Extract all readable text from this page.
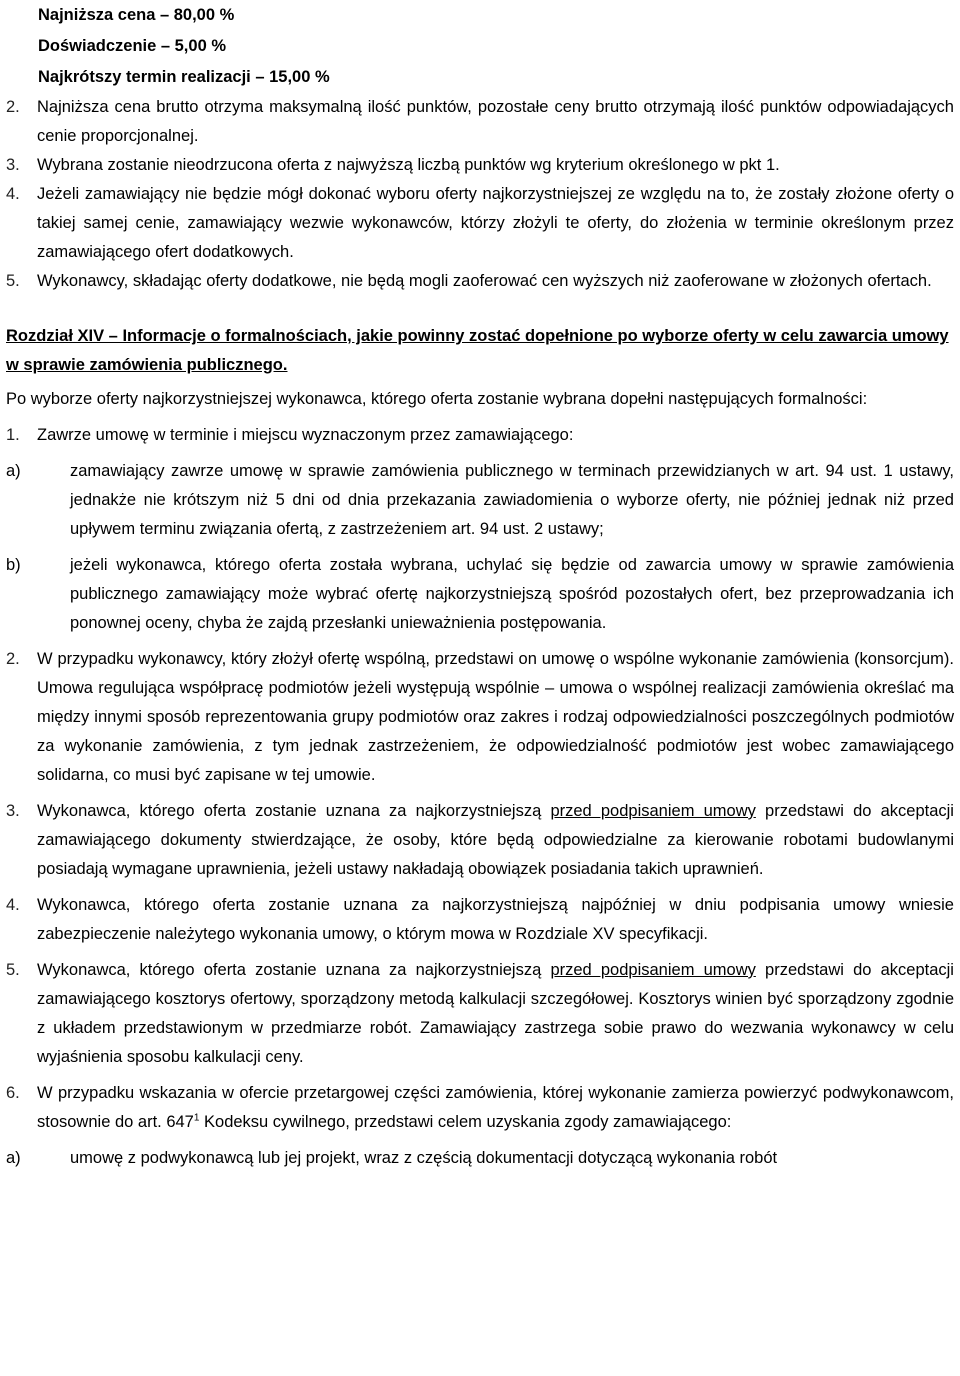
Najniższa cena – 80,00 %
Doświadczenie – 5,00 %
Najkrótszy termin realizacji – 15,00 %
2.	Najniższa cena brutto otrzyma maksymalną ilość punktów, pozostałe ceny brutto otrzymają ilość punktów odpowiadających cenie proporcjonalnej.
3.	Wybrana zostanie nieodrzucona oferta z najwyższą liczbą punktów wg kryterium określonego w pkt 1.
4.	Jeżeli zamawiający nie będzie mógł dokonać wyboru oferty najkorzystniejszej ze względu na to, że zostały złożone oferty o takiej samej cenie, zamawiający wezwie wykonawców, którzy złożyli te oferty, do złożenia w terminie określonym przez zamawiającego ofert dodatkowych.
5.	Wykonawcy, składając oferty dodatkowe, nie będą mogli zaoferować cen wyższych niż zaoferowane w złożonych ofertach.
Rozdział XIV – Informacje o formalnościach, jakie powinny zostać dopełnione po wyborze oferty w celu zawarcia umowy w sprawie zamówienia publicznego.
Po wyborze oferty najkorzystniejszej wykonawca, którego oferta zostanie wybrana dopełni następujących formalności:
1.	Zawrze umowę w terminie i miejscu wyznaczonym przez zamawiającego:
a)	zamawiający zawrze umowę w sprawie zamówienia publicznego w terminach przewidzianych w art. 94 ust. 1 ustawy, jednakże nie krótszym niż 5 dni od dnia przekazania zawiadomienia o wyborze oferty, nie później jednak niż przed upływem terminu związania ofertą, z zastrzeżeniem art. 94 ust. 2 ustawy;
b)	jeżeli wykonawca, którego oferta została wybrana, uchylać się będzie od zawarcia umowy w sprawie zamówienia publicznego zamawiający może wybrać ofertę najkorzystniejszą spośród pozostałych ofert, bez przeprowadzania ich ponownej oceny, chyba że zajdą przesłanki unieważnienia postępowania.
2.	W przypadku wykonawcy, który złożył ofertę wspólną, przedstawi on umowę o wspólne wykonanie zamówienia (konsorcjum). Umowa regulująca współpracę podmiotów jeżeli występują wspólnie – umowa o wspólnej realizacji zamówienia określać ma między innymi sposób reprezentowania grupy podmiotów oraz zakres i rodzaj odpowiedzialności poszczególnych podmiotów za wykonanie zamówienia, z tym jednak zastrzeżeniem, że odpowiedzialność podmiotów jest wobec zamawiającego solidarna, co musi być zapisane w tej umowie.
3.	Wykonawca, którego oferta zostanie uznana za najkorzystniejszą przed podpisaniem umowy przedstawi do akceptacji zamawiającego dokumenty stwierdzające, że osoby, które będą odpowiedzialne za kierowanie robotami budowlanymi posiadają wymagane uprawnienia, jeżeli ustawy nakładają obowiązek posiadania takich uprawnień.
4.	Wykonawca, którego oferta zostanie uznana za najkorzystniejszą najpóźniej w dniu podpisania umowy wniesie zabezpieczenie należytego wykonania umowy, o którym mowa w Rozdziale XV specyfikacji.
5.	Wykonawca, którego oferta zostanie uznana za najkorzystniejszą przed podpisaniem umowy przedstawi do akceptacji zamawiającego kosztorys ofertowy, sporządzony metodą kalkulacji szczegółowej. Kosztorys winien być sporządzony zgodnie z układem przedstawionym w przedmiarze robót. Zamawiający zastrzega sobie prawo do wezwania wykonawcy w celu wyjaśnienia sposobu kalkulacji ceny.
6.	W przypadku wskazania w ofercie przetargowej części zamówienia, której wykonanie zamierza powierzyć podwykonawcom, stosownie do art. $647^1$ Kodeksu cywilnego, przedstawi celem uzyskania zgody zamawiającego:
a)	umowę z podwykonawcą lub jej projekt, wraz z częścią dokumentacji dotyczącą wykonania robót
